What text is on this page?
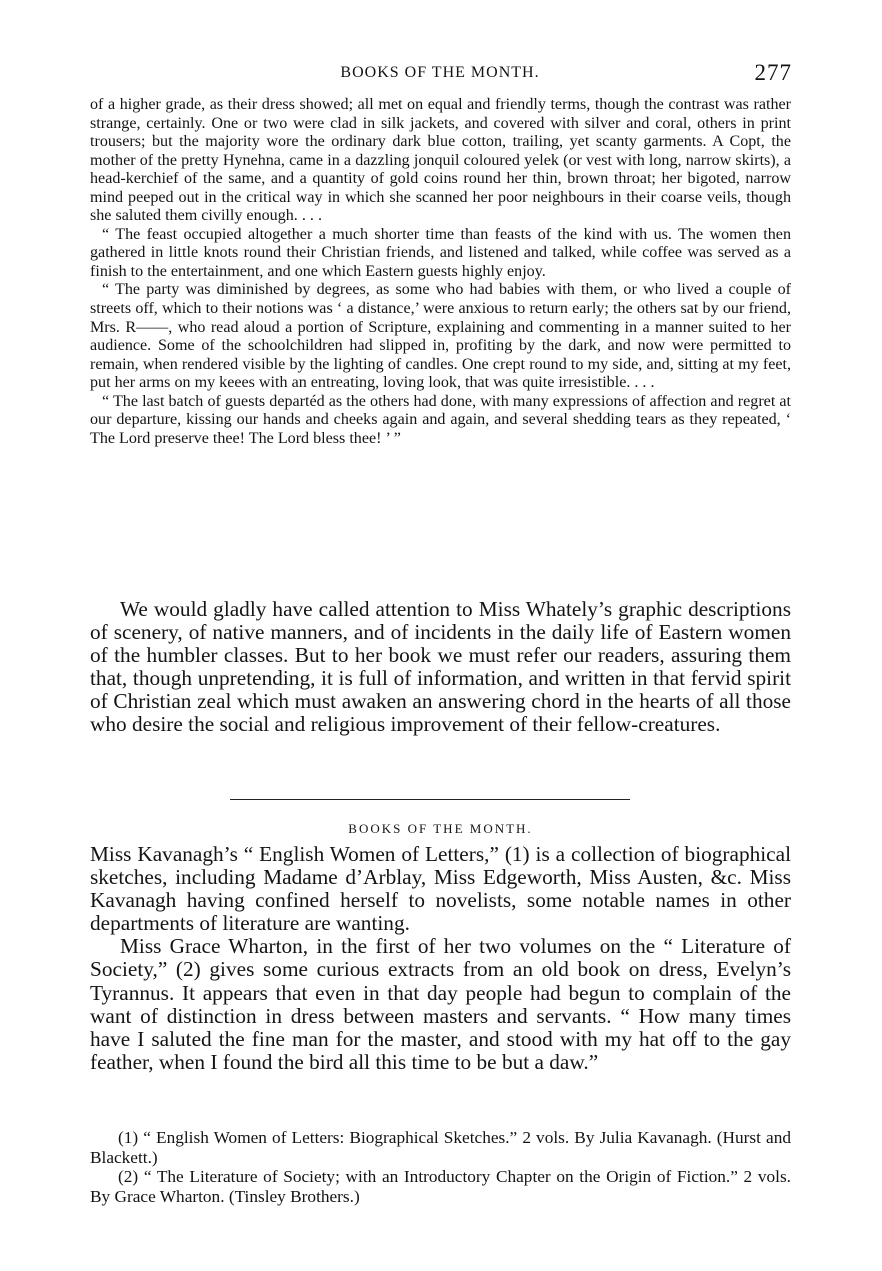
BOOKS OF THE MONTH.	277

of a higher grade, as their dress showed; all met on equal and friendly terms, though the contrast was rather strange, certainly. One or two were clad in silk jackets, and covered with silver and coral, others in print trousers; but the majority wore the ordinary dark blue cotton, trailing, yet scanty garments. A Copt, the mother of the pretty Hynehna, came in a dazzling jonquil coloured yelek (or vest with long, narrow skirts), a head-kerchief of the same, and a quantity of gold coins round her thin, brown throat; her bigoted, narrow mind peeped out in the critical way in which she scanned her poor neighbours in their coarse veils, though she saluted them civilly enough. . . .

“ The feast occupied altogether a much shorter time than feasts of the kind with us. The women then gathered in little knots round their Christian friends, and listened and talked, while coffee was served as a finish to the entertainment, and one which Eastern guests highly enjoy.

“ The party was diminished by degrees, as some who had babies with them, or who lived a couple of streets off, which to their notions was ‘ a distance,’ were anxious to return early; the others sat by our friend, Mrs. R——, who read aloud a portion of Scripture, explaining and commenting in a manner suited to her audience. Some of the schoolchildren had slipped in, profiting by the dark, and now were permitted to remain, when rendered visible by the lighting of candles. One crept round to my side, and, sitting at my feet, put her arms on my keees with an entreating, loving look, that was quite irresistible. . . .

“ The last batch of guests departéd as the others had done, with many expressions of affection and regret at our departure, kissing our hands and cheeks again and again, and several shedding tears as they repeated, ‘ The Lord preserve thee! The Lord bless thee! ’ ”

We would gladly have called attention to Miss Whately’s graphic descriptions of scenery, of native manners, and of incidents in the daily life of Eastern women of the humbler classes. But to her book we must refer our readers, assuring them that, though unpretending, it is full of information, and written in that fervid spirit of Christian zeal which must awaken an answering chord in the hearts of all those who desire the social and religious improvement of their fellow-creatures.

BOOKS OF THE MONTH.

Miss Kavanagh’s “ English Women of Letters,” (1) is a collection of biographical sketches, including Madame d’Arblay, Miss Edgeworth, Miss Austen, &c. Miss Kavanagh having confined herself to novelists, some notable names in other departments of literature are wanting.

Miss Grace Wharton, in the first of her two volumes on the “ Literature of Society,” (2) gives some curious extracts from an old book on dress, Evelyn’s Tyrannus. It appears that even in that day people had begun to complain of the want of distinction in dress between masters and servants. “ How many times have I saluted the fine man for the master, and stood with my hat off to the gay feather, when I found the bird all this time to be but a daw.”

(1) “ English Women of Letters: Biographical Sketches.” 2 vols. By Julia Kavanagh. (Hurst and Blackett.)

(2) “ The Literature of Society; with an Introductory Chapter on the Origin of Fiction.” 2 vols. By Grace Wharton. (Tinsley Brothers.)
